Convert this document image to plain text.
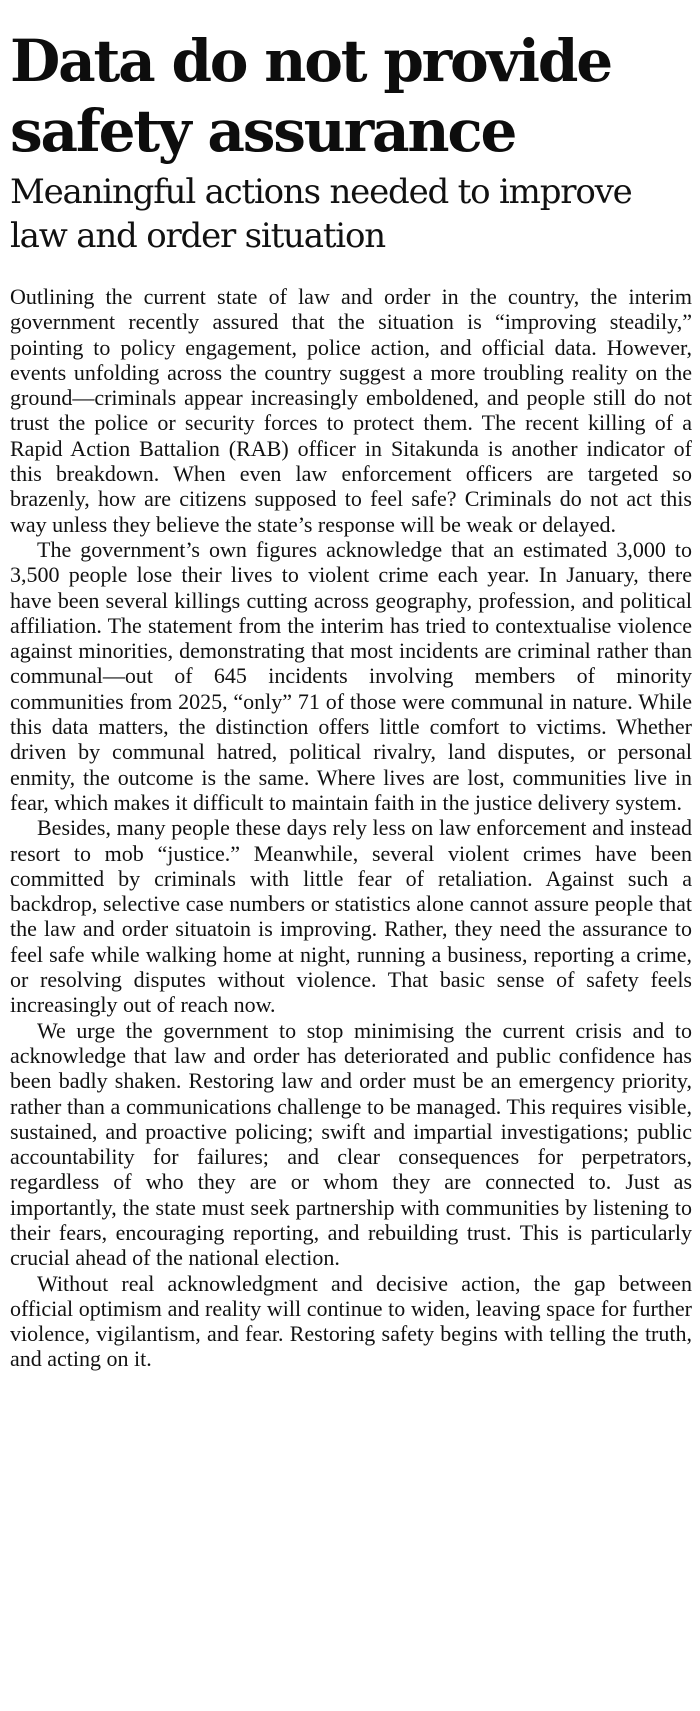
Data do not provide safety assurance
Meaningful actions needed to improve law and order situation

Outlining the current state of law and order in the country, the interim government recently assured that the situation is “improving steadily,” pointing to policy engagement, police action, and official data. However, events unfolding across the country suggest a more troubling reality on the ground—criminals appear increasingly emboldened, and people still do not trust the police or security forces to protect them. The recent killing of a Rapid Action Battalion (RAB) officer in Sitakunda is another indicator of this breakdown. When even law enforcement officers are targeted so brazenly, how are citizens supposed to feel safe? Criminals do not act this way unless they believe the state’s response will be weak or delayed.

The government’s own figures acknowledge that an estimated 3,000 to 3,500 people lose their lives to violent crime each year. In January, there have been several killings cutting across geography, profession, and political affiliation. The statement from the interim has tried to contextualise violence against minorities, demonstrating that most incidents are criminal rather than communal—out of 645 incidents involving members of minority communities from 2025, “only” 71 of those were communal in nature. While this data matters, the distinction offers little comfort to victims. Whether driven by communal hatred, political rivalry, land disputes, or personal enmity, the outcome is the same. Where lives are lost, communities live in fear, which makes it difficult to maintain faith in the justice delivery system.

Besides, many people these days rely less on law enforcement and instead resort to mob “justice.” Meanwhile, several violent crimes have been committed by criminals with little fear of retaliation. Against such a backdrop, selective case numbers or statistics alone cannot assure people that the law and order situatoin is improving. Rather, they need the assurance to feel safe while walking home at night, running a business, reporting a crime, or resolving disputes without violence. That basic sense of safety feels increasingly out of reach now.

We urge the government to stop minimising the current crisis and to acknowledge that law and order has deteriorated and public confidence has been badly shaken. Restoring law and order must be an emergency priority, rather than a communications challenge to be managed. This requires visible, sustained, and proactive policing; swift and impartial investigations; public accountability for failures; and clear consequences for perpetrators, regardless of who they are or whom they are connected to. Just as importantly, the state must seek partnership with communities by listening to their fears, encouraging reporting, and rebuilding trust. This is particularly crucial ahead of the national election.

Without real acknowledgment and decisive action, the gap between official optimism and reality will continue to widen, leaving space for further violence, vigilantism, and fear. Restoring safety begins with telling the truth, and acting on it.
